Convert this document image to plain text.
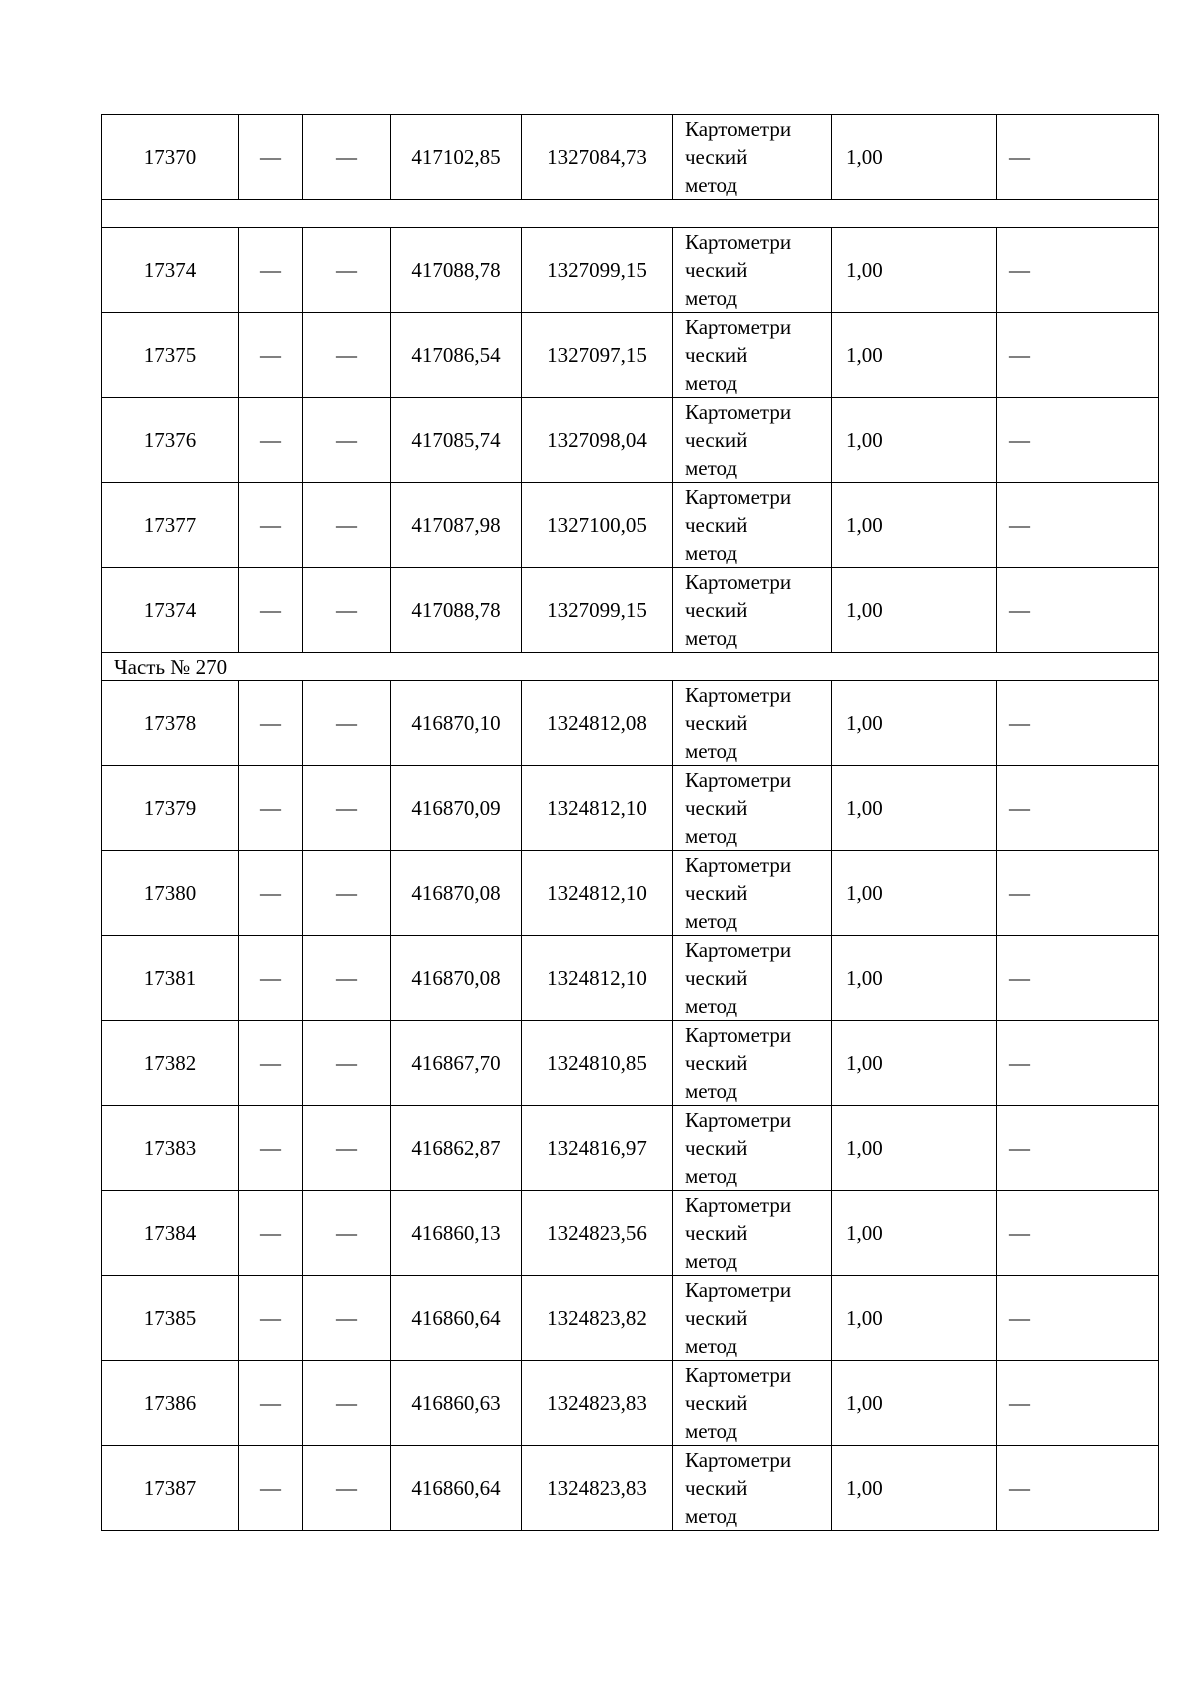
17370	—	—	417102,85	1327084,73	Картометри
ческий
метод	1,00	—

17374	—	—	417088,78	1327099,15	Картометри
ческий
метод	1,00	—
17375	—	—	417086,54	1327097,15	Картометри
ческий
метод	1,00	—
17376	—	—	417085,74	1327098,04	Картометри
ческий
метод	1,00	—
17377	—	—	417087,98	1327100,05	Картометри
ческий
метод	1,00	—
17374	—	—	417088,78	1327099,15	Картометри
ческий
метод	1,00	—
Часть № 270							
17378	—	—	416870,10	1324812,08	Картометри
ческий
метод	1,00	—
17379	—	—	416870,09	1324812,10	Картометри
ческий
метод	1,00	—
17380	—	—	416870,08	1324812,10	Картометри
ческий
метод	1,00	—
17381	—	—	416870,08	1324812,10	Картометри
ческий
метод	1,00	—
17382	—	—	416867,70	1324810,85	Картометри
ческий
метод	1,00	—
17383	—	—	416862,87	1324816,97	Картометри
ческий
метод	1,00	—
17384	—	—	416860,13	1324823,56	Картометри
ческий
метод	1,00	—
17385	—	—	416860,64	1324823,82	Картометри
ческий
метод	1,00	—
17386	—	—	416860,63	1324823,83	Картометри
ческий
метод	1,00	—
17387	—	—	416860,64	1324823,83	Картометри
ческий
метод	1,00	—
